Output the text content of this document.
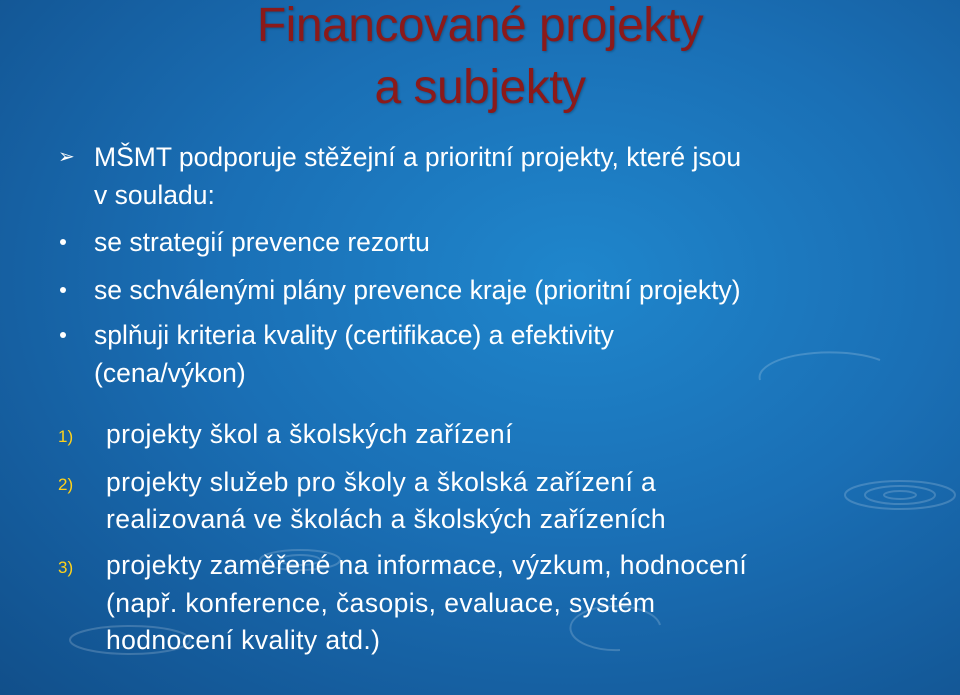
Financované projekty
a subjekty
➢ MŠMT podporuje stěžejní a prioritní projekty, které jsou
v souladu:
se strategií prevence rezortu
se schválenými plány prevence kraje (prioritní projekty)
splňuji kriteria kvality (certifikace) a efektivity
(cena/výkon)
1) projekty škol a školských zařízení
2) projekty služeb pro školy a školská zařízení a
realizovaná ve školách a školských zařízeních
3) projekty zaměřené na informace, výzkum, hodnocení
(např. konference, časopis, evaluace, systém
hodnocení kvality atd.)
